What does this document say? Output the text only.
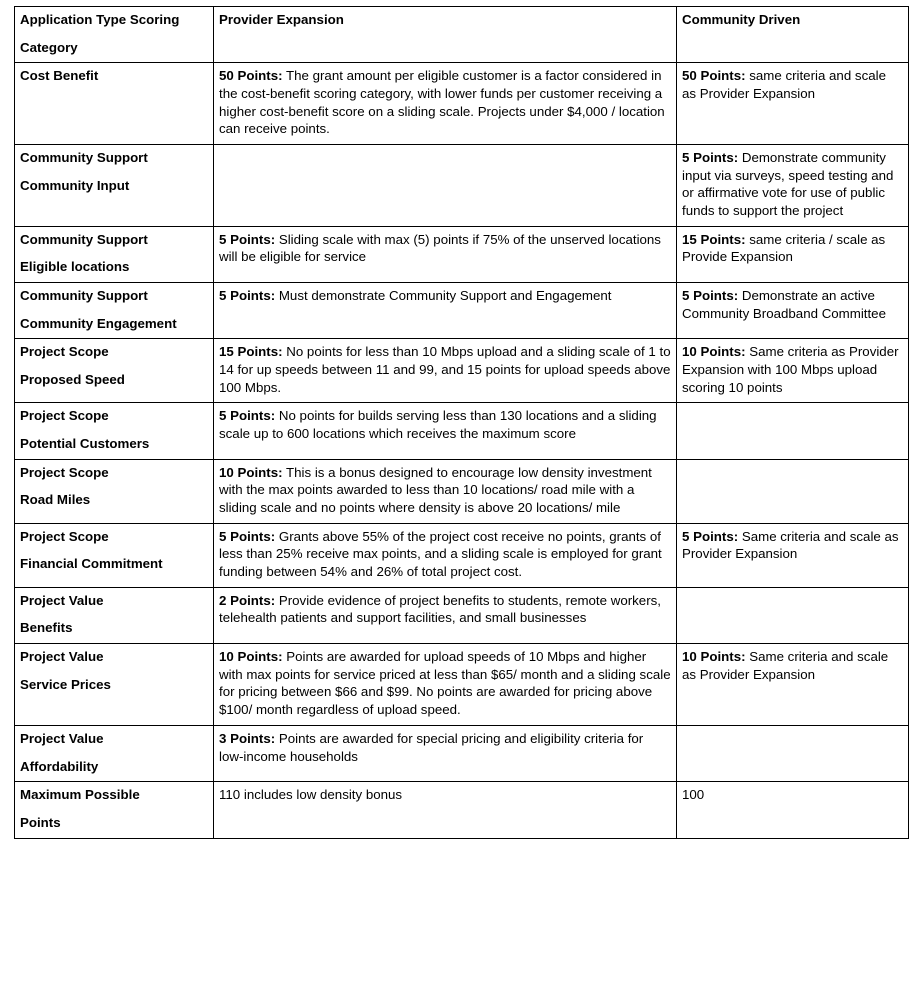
Application Type Scoring
Category	Provider Expansion	Community Driven

Cost Benefit	50 Points: The grant amount per eligible customer is a factor considered in the cost-benefit scoring category, with lower funds per customer receiving a higher cost-benefit score on a sliding scale. Projects under $4,000 / location can receive points.	50 Points: same criteria and scale as Provider Expansion

Community Support
Community Input		5 Points: Demonstrate community input via surveys, speed testing and or affirmative vote for use of public funds to support the project

Community Support
Eligible locations	5 Points: Sliding scale with max (5) points if 75% of the unserved locations will be eligible for service	15 Points: same criteria / scale as Provide Expansion

Community Support
Community Engagement	5 Points: Must demonstrate Community Support and Engagement	5 Points: Demonstrate an active Community Broadband Committee

Project Scope
Proposed Speed	15 Points: No points for less than 10 Mbps upload and a sliding scale of 1 to 14 for up speeds between 11 and 99, and 15 points for upload speeds above 100 Mbps.	10 Points: Same criteria as Provider Expansion with 100 Mbps upload scoring 10 points

Project Scope
Potential Customers	5 Points: No points for builds serving less than 130 locations and a sliding scale up to 600 locations which receives the maximum score	

Project Scope
Road Miles	10 Points: This is a bonus designed to encourage low density investment with the max points awarded to less than 10 locations/ road mile with a sliding scale and no points where density is above 20 locations/ mile	

Project Scope
Financial Commitment	5 Points: Grants above 55% of the project cost receive no points, grants of less than 25% receive max points, and a sliding scale is employed for grant funding between 54% and 26% of total project cost.	5 Points: Same criteria and scale as Provider Expansion

Project Value
Benefits	2 Points: Provide evidence of project benefits to students, remote workers, telehealth patients and support facilities, and small businesses	

Project Value
Service Prices	10 Points: Points are awarded for upload speeds of 10 Mbps and higher with max points for service priced at less than $65/ month and a sliding scale for pricing between $66 and $99. No points are awarded for pricing above $100/ month regardless of upload speed.	10 Points: Same criteria and scale as Provider Expansion

Project Value
Affordability	3 Points: Points are awarded for special pricing and eligibility criteria for low-income households	

Maximum Possible
Points	110 includes low density bonus	100
